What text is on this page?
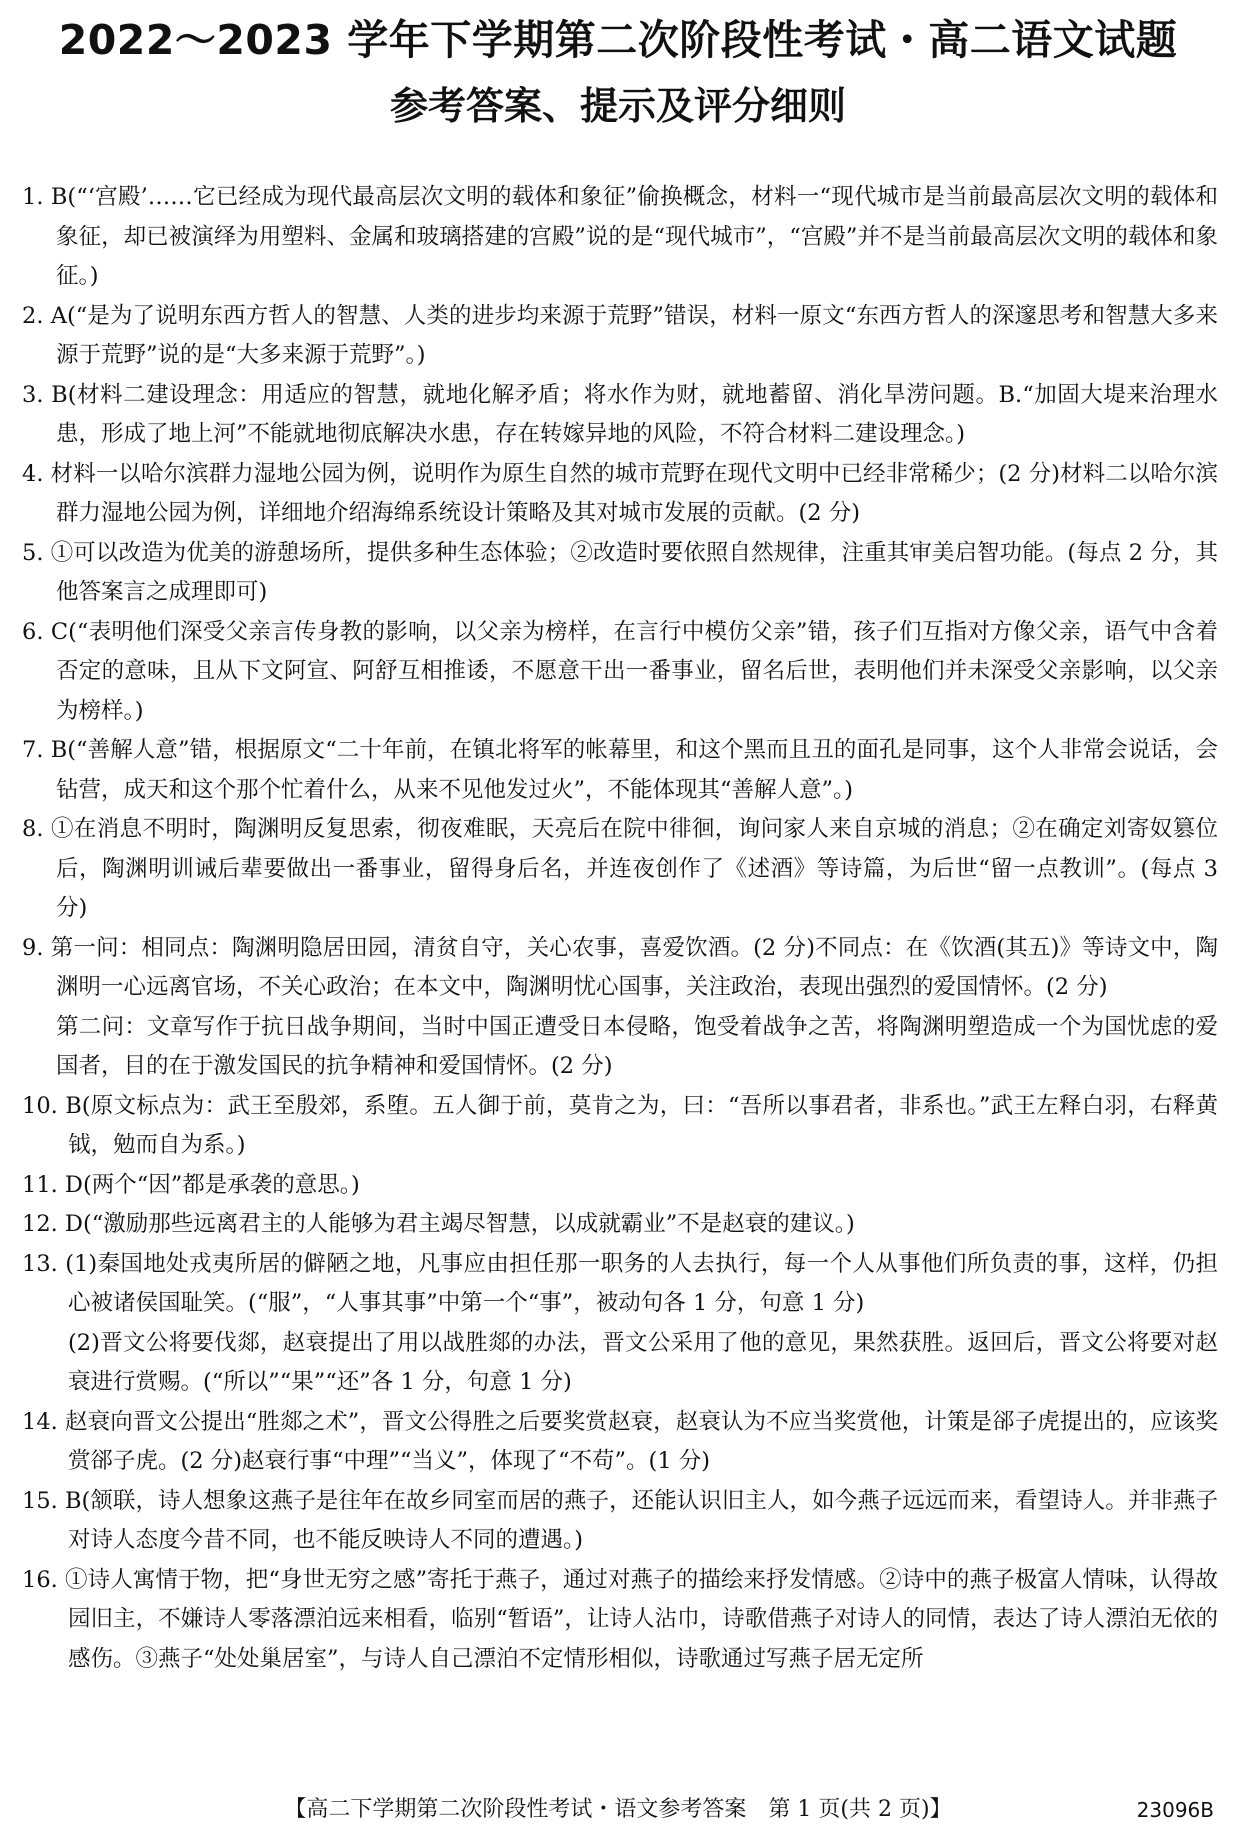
2022～2023 学年下学期第二次阶段性考试・高二语文试题
参考答案、提示及评分细则

1. B(“‘宫殿’……它已经成为现代最高层次文明的载体和象征”偷换概念，材料一“现代城市是当前最高层次文明的载体和象征，却已被演绎为用塑料、金属和玻璃搭建的宫殿”说的是“现代城市”，“宫殿”并不是当前最高层次文明的载体和象征。)

2. A(“是为了说明东西方哲人的智慧、人类的进步均来源于荒野”错误，材料一原文“东西方哲人的深邃思考和智慧大多来源于荒野”说的是“大多来源于荒野”。)

3. B(材料二建设理念：用适应的智慧，就地化解矛盾；将水作为财，就地蓄留、消化旱涝问题。B.“加固大堤来治理水患，形成了地上河”不能就地彻底解决水患，存在转嫁异地的风险，不符合材料二建设理念。)

4. 材料一以哈尔滨群力湿地公园为例，说明作为原生自然的城市荒野在现代文明中已经非常稀少；(2 分)材料二以哈尔滨群力湿地公园为例，详细地介绍海绵系统设计策略及其对城市发展的贡献。(2 分)

5. ①可以改造为优美的游憩场所，提供多种生态体验；②改造时要依照自然规律，注重其审美启智功能。(每点 2 分，其他答案言之成理即可)

6. C(“表明他们深受父亲言传身教的影响，以父亲为榜样，在言行中模仿父亲”错，孩子们互指对方像父亲，语气中含着否定的意味，且从下文阿宣、阿舒互相推诿，不愿意干出一番事业，留名后世，表明他们并未深受父亲影响，以父亲为榜样。)

7. B(“善解人意”错，根据原文“二十年前，在镇北将军的帐幕里，和这个黑而且丑的面孔是同事，这个人非常会说话，会钻营，成天和这个那个忙着什么，从来不见他发过火”，不能体现其“善解人意”。)

8. ①在消息不明时，陶渊明反复思索，彻夜难眠，天亮后在院中徘徊，询问家人来自京城的消息；②在确定刘寄奴篡位后，陶渊明训诫后辈要做出一番事业，留得身后名，并连夜创作了《述酒》等诗篇，为后世“留一点教训”。(每点 3 分)

9. 第一问：相同点：陶渊明隐居田园，清贫自守，关心农事，喜爱饮酒。(2 分)不同点：在《饮酒(其五)》等诗文中，陶渊明一心远离官场，不关心政治；在本文中，陶渊明忧心国事，关注政治，表现出强烈的爱国情怀。(2 分)

第二问：文章写作于抗日战争期间，当时中国正遭受日本侵略，饱受着战争之苦，将陶渊明塑造成一个为国忧虑的爱国者，目的在于激发国民的抗争精神和爱国情怀。(2 分)

10. B(原文标点为：武王至殷郊，系堕。五人御于前，莫肯之为，曰：“吾所以事君者，非系也。”武王左释白羽，右释黄钺，勉而自为系。)

11. D(两个“因”都是承袭的意思。)

12. D(“激励那些远离君主的人能够为君主竭尽智慧，以成就霸业”不是赵衰的建议。)

13. (1)秦国地处戎夷所居的僻陋之地，凡事应由担任那一职务的人去执行，每一个人从事他们所负责的事，这样，仍担心被诸侯国耻笑。(“服”，“人事其事”中第一个“事”，被动句各 1 分，句意 1 分)

(2)晋文公将要伐郯，赵衰提出了用以战胜郯的办法，晋文公采用了他的意见，果然获胜。返回后，晋文公将要对赵衰进行赏赐。(“所以”“果”“还”各 1 分，句意 1 分)

14. 赵衰向晋文公提出“胜郯之术”，晋文公得胜之后要奖赏赵衰，赵衰认为不应当奖赏他，计策是郤子虎提出的，应该奖赏郤子虎。(2 分)赵衰行事“中理”“当义”，体现了“不苟”。(1 分)

15. B(颔联，诗人想象这燕子是往年在故乡同室而居的燕子，还能认识旧主人，如今燕子远远而来，看望诗人。并非燕子对诗人态度今昔不同，也不能反映诗人不同的遭遇。)

16. ①诗人寓情于物，把“身世无穷之感”寄托于燕子，通过对燕子的描绘来抒发情感。②诗中的燕子极富人情味，认得故园旧主，不嫌诗人零落漂泊远来相看，临别“暂语”，让诗人沾巾，诗歌借燕子对诗人的同情，表达了诗人漂泊无依的感伤。③燕子“处处巢居室”，与诗人自己漂泊不定情形相似，诗歌通过写燕子居无定所

【高二下学期第二次阶段性考试・语文参考答案　第 1 页(共 2 页)】	23096B
